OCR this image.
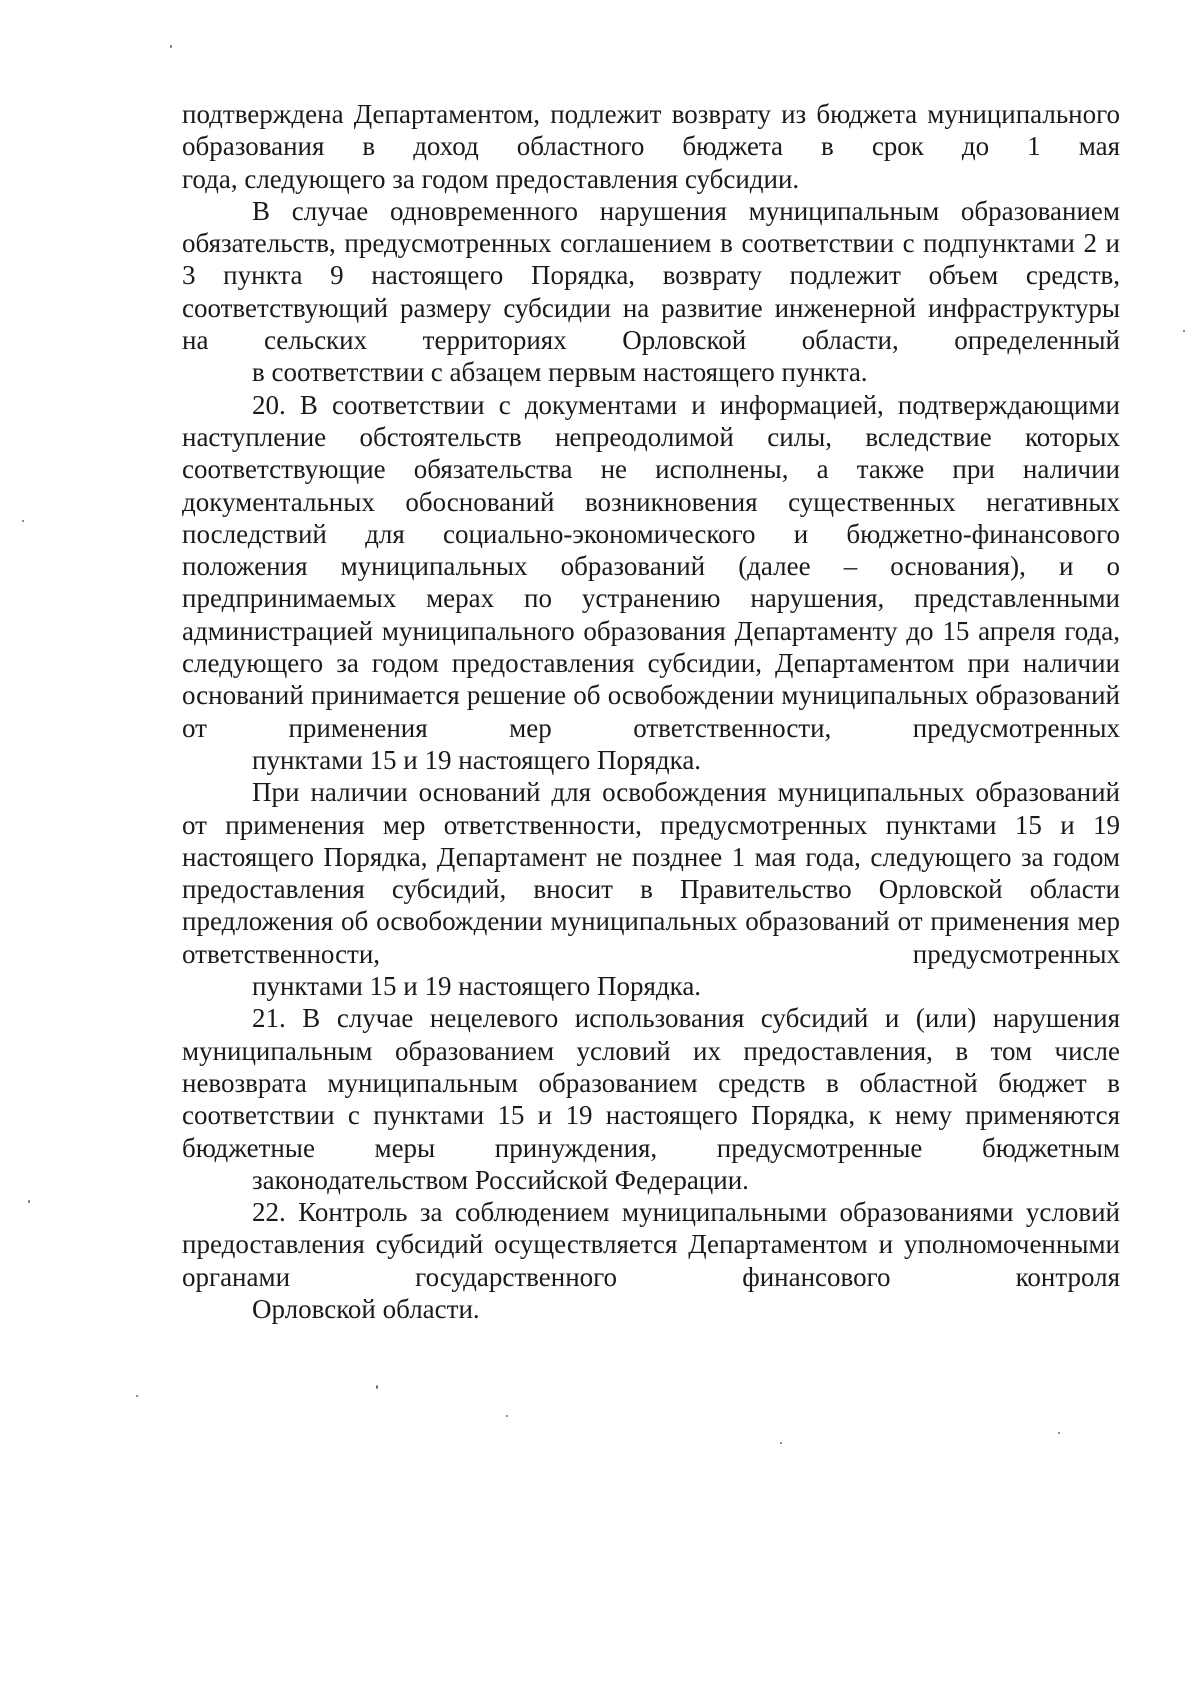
подтверждена Департаментом, подлежит возврату из бюджета муниципального образования в доход областного бюджета в срок до 1 мая
года, следующего за годом предоставления субсидии.

В случае одновременного нарушения муниципальным образованием обязательств, предусмотренных соглашением в соответствии с подпунктами 2 и 3 пункта 9 настоящего Порядка, возврату подлежит объем средств, соответствующий размеру субсидии на развитие инженерной инфраструктуры на сельских территориях Орловской области, определенный
в соответствии с абзацем первым настоящего пункта.

20. В соответствии с документами и информацией, подтверждающими наступление обстоятельств непреодолимой силы, вследствие которых соответствующие обязательства не исполнены, а также при наличии документальных обоснований возникновения существенных негативных последствий для социально-экономического и бюджетно-финансового положения муниципальных образований (далее – основания), и о предпринимаемых мерах по устранению нарушения, представленными администрацией муниципального образования Департаменту до 15 апреля года, следующего за годом предоставления субсидии, Департаментом при наличии оснований принимается решение об освобождении муниципальных образований от применения мер ответственности, предусмотренных
пунктами 15 и 19 настоящего Порядка.

При наличии оснований для освобождения муниципальных образований от применения мер ответственности, предусмотренных пунктами 15 и 19 настоящего Порядка, Департамент не позднее 1 мая года, следующего за годом предоставления субсидий, вносит в Правительство Орловской области предложения об освобождении муниципальных образований от применения мер ответственности, предусмотренных
пунктами 15 и 19 настоящего Порядка.

21. В случае нецелевого использования субсидий и (или) нарушения муниципальным образованием условий их предоставления, в том числе невозврата муниципальным образованием средств в областной бюджет в соответствии с пунктами 15 и 19 настоящего Порядка, к нему применяются бюджетные меры принуждения, предусмотренные бюджетным
законодательством Российской Федерации.

22. Контроль за соблюдением муниципальными образованиями условий предоставления субсидий осуществляется Департаментом и уполномоченными органами государственного финансового контроля
Орловской области.
